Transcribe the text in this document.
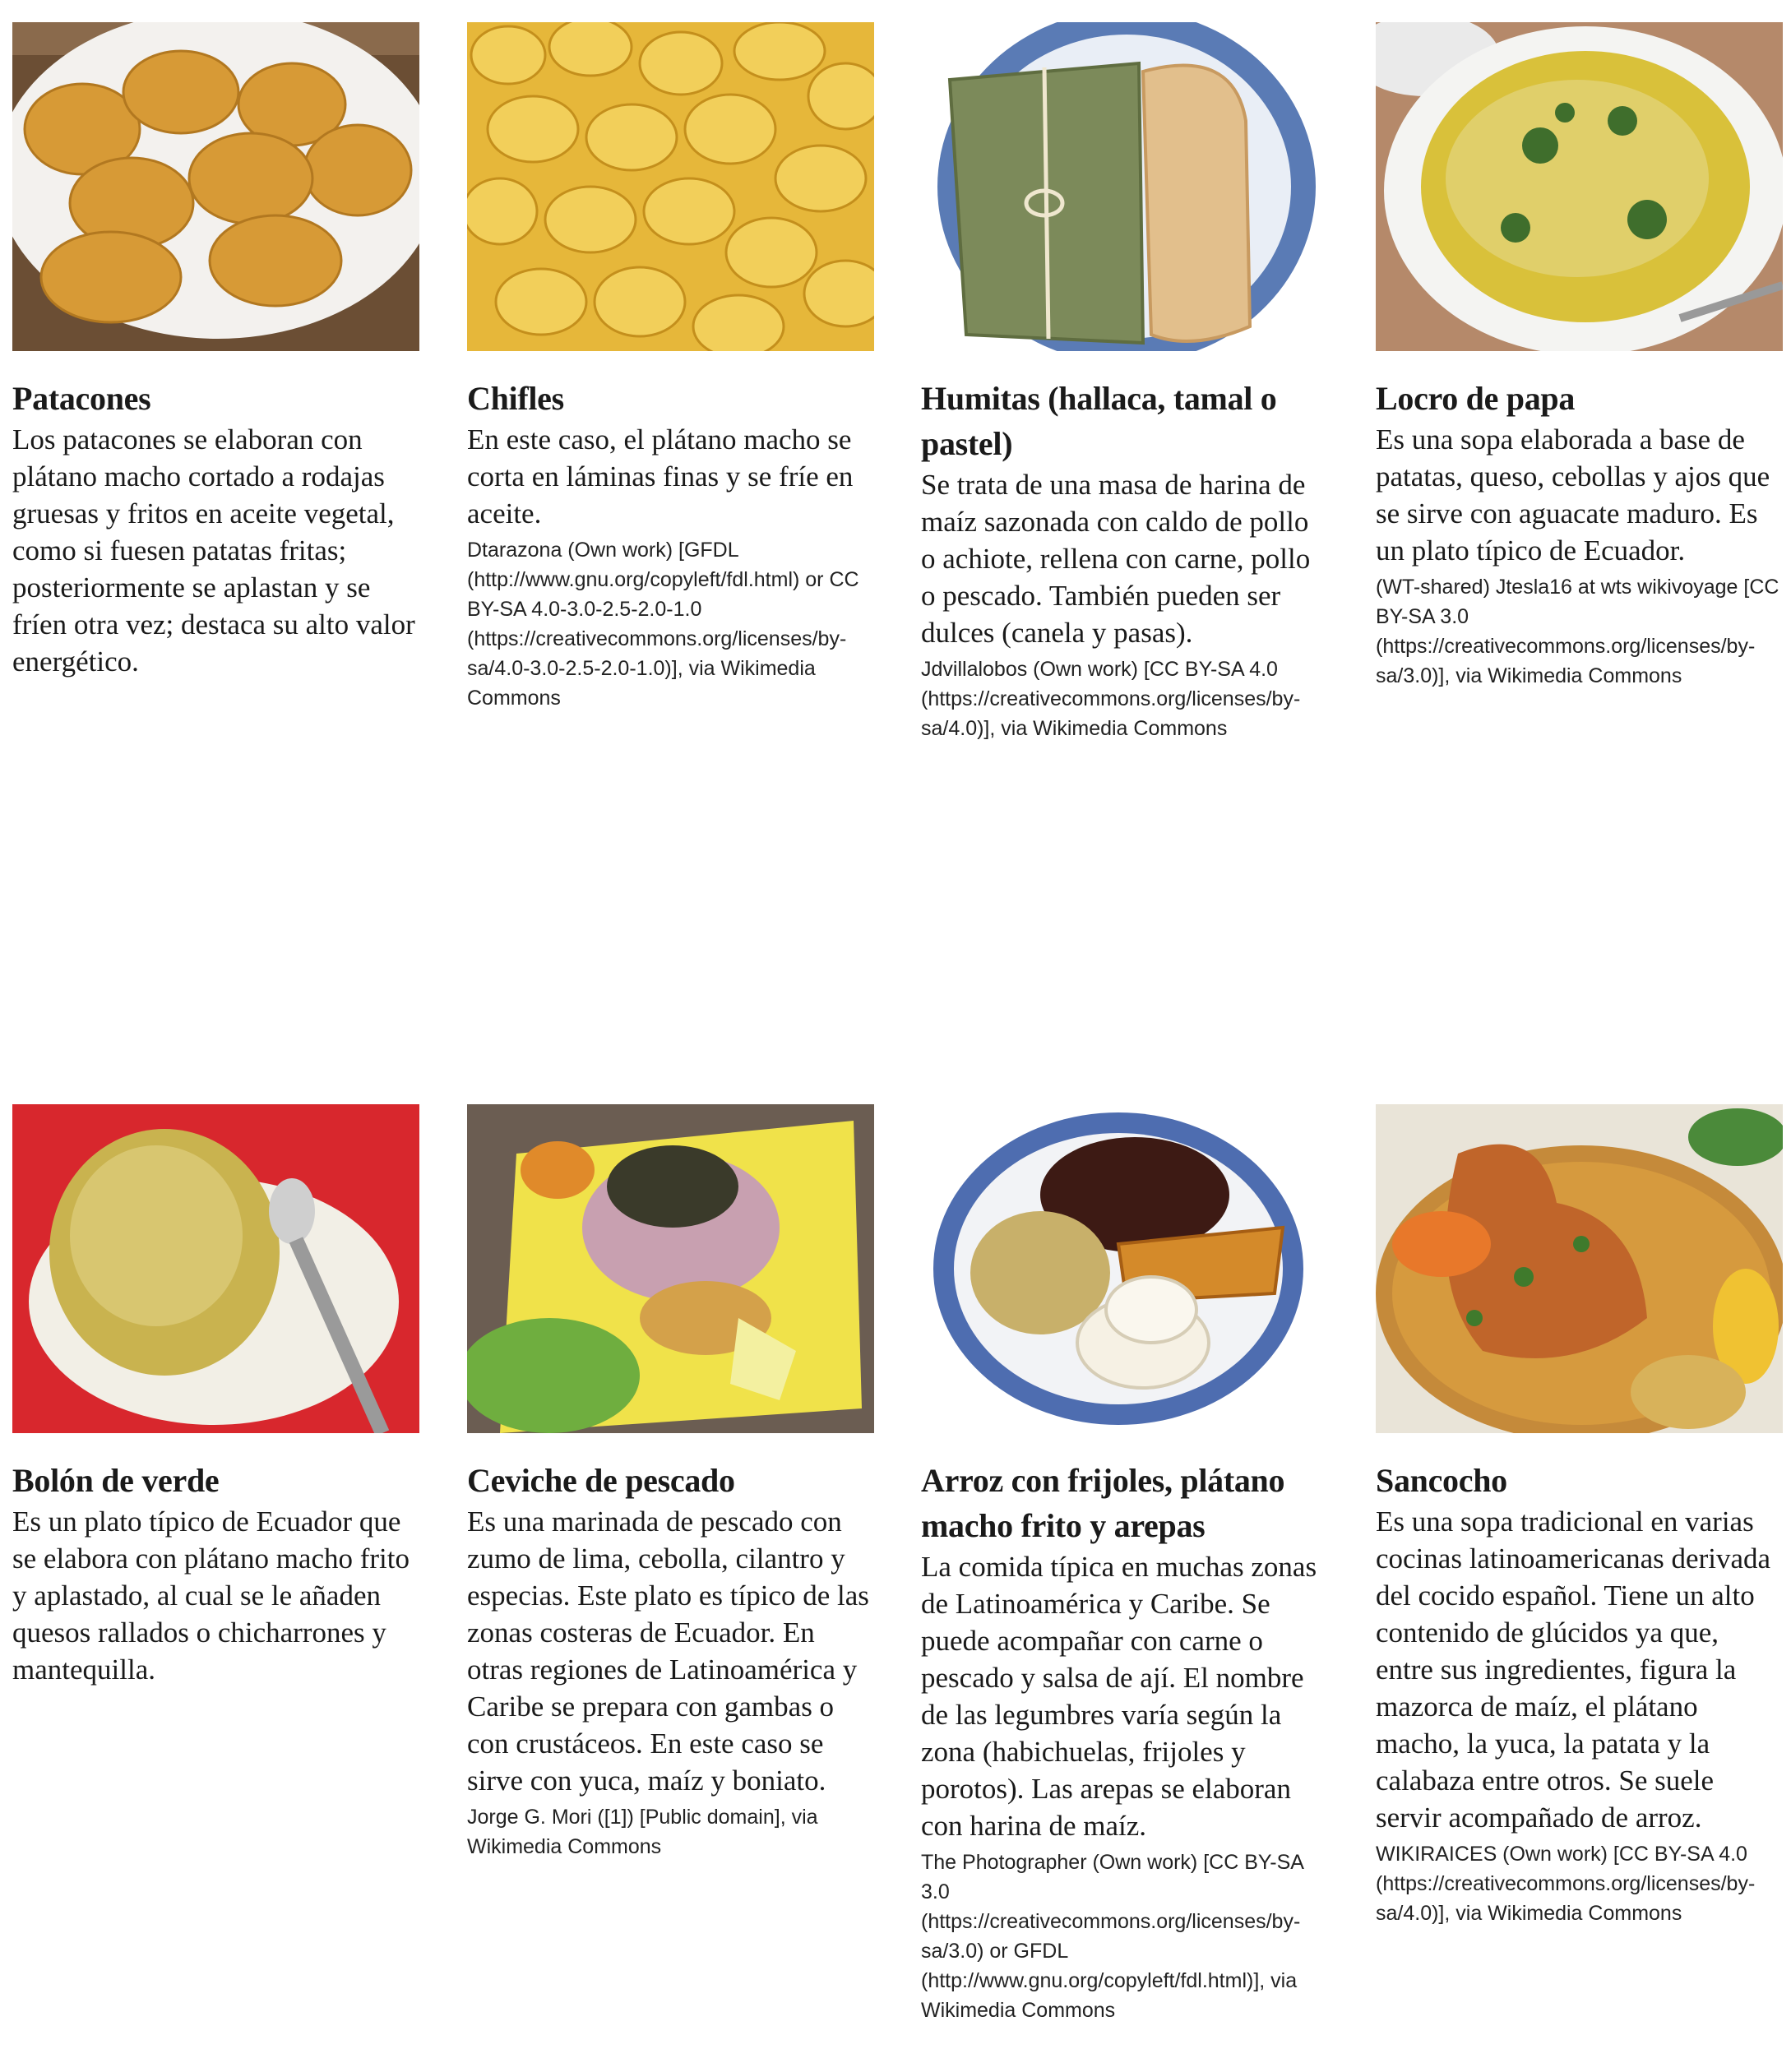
Patacones

Los patacones se elaboran con plátano macho cortado a rodajas gruesas y fritos en aceite vegetal, como si fuesen patatas fritas; posteriormente se aplastan y se fríen otra vez; destaca su alto valor energético.

Chifles

En este caso, el plátano macho se corta en láminas finas y se fríe en aceite.

Dtarazona (Own work) [GFDL (http://www.gnu.org/copyleft/fdl.html) or CC BY-SA 4.0-3.0-2.5-2.0-1.0 (https://creativecommons.org/licenses/by-sa/4.0-3.0-2.5-2.0-1.0)], via Wikimedia Commons

Humitas (hallaca, tamal o pastel)

Se trata de una masa de harina de maíz sazonada con caldo de pollo o achiote, rellena con carne, pollo o pescado. También pueden ser dulces (canela y pasas).

Jdvillalobos (Own work) [CC BY-SA 4.0 (https://creativecommons.org/licenses/by-sa/4.0)], via Wikimedia Commons

Locro de papa

Es una sopa elaborada a base de patatas, queso, cebollas y ajos que se sirve con aguacate maduro. Es un plato típico de Ecuador.

(WT-shared) Jtesla16 at wts wikivoyage [CC BY-SA 3.0 (https://creativecommons.org/licenses/by-sa/3.0)], via Wikimedia Commons

Bolón de verde

Es un plato típico de Ecuador que se elabora con plátano macho frito y aplastado, al cual se le añaden quesos rallados o chicharrones y mantequilla.

Ceviche de pescado

Es una marinada de pescado con zumo de lima, cebolla, cilantro y especias. Este plato es típico de las zonas costeras de Ecuador. En otras regiones de Latinoamérica y Caribe se prepara con gambas o con crustáceos. En este caso se sirve con yuca, maíz y boniato.

Jorge G. Mori ([1]) [Public domain], via Wikimedia Commons

Arroz con frijoles, plátano macho frito y arepas

La comida típica en muchas zonas de Latinoamérica y Caribe. Se puede acompañar con carne o pescado y salsa de ají. El nombre de las legumbres varía según la zona (habichuelas, frijoles y porotos). Las arepas se elaboran con harina de maíz.

The Photographer (Own work) [CC BY-SA 3.0 (https://creativecommons.org/licenses/by-sa/3.0) or GFDL (http://www.gnu.org/copyleft/fdl.html)], via Wikimedia Commons

Sancocho

Es una sopa tradicional en varias cocinas latinoamericanas derivada del cocido español. Tiene un alto contenido de glúcidos ya que, entre sus ingredientes, figura la mazorca de maíz, el plátano macho, la yuca, la patata y la calabaza entre otros. Se suele servir acompañado de arroz.

WIKIRAICES (Own work) [CC BY-SA 4.0 (https://creativecommons.org/licenses/by-sa/4.0)], via Wikimedia Commons
